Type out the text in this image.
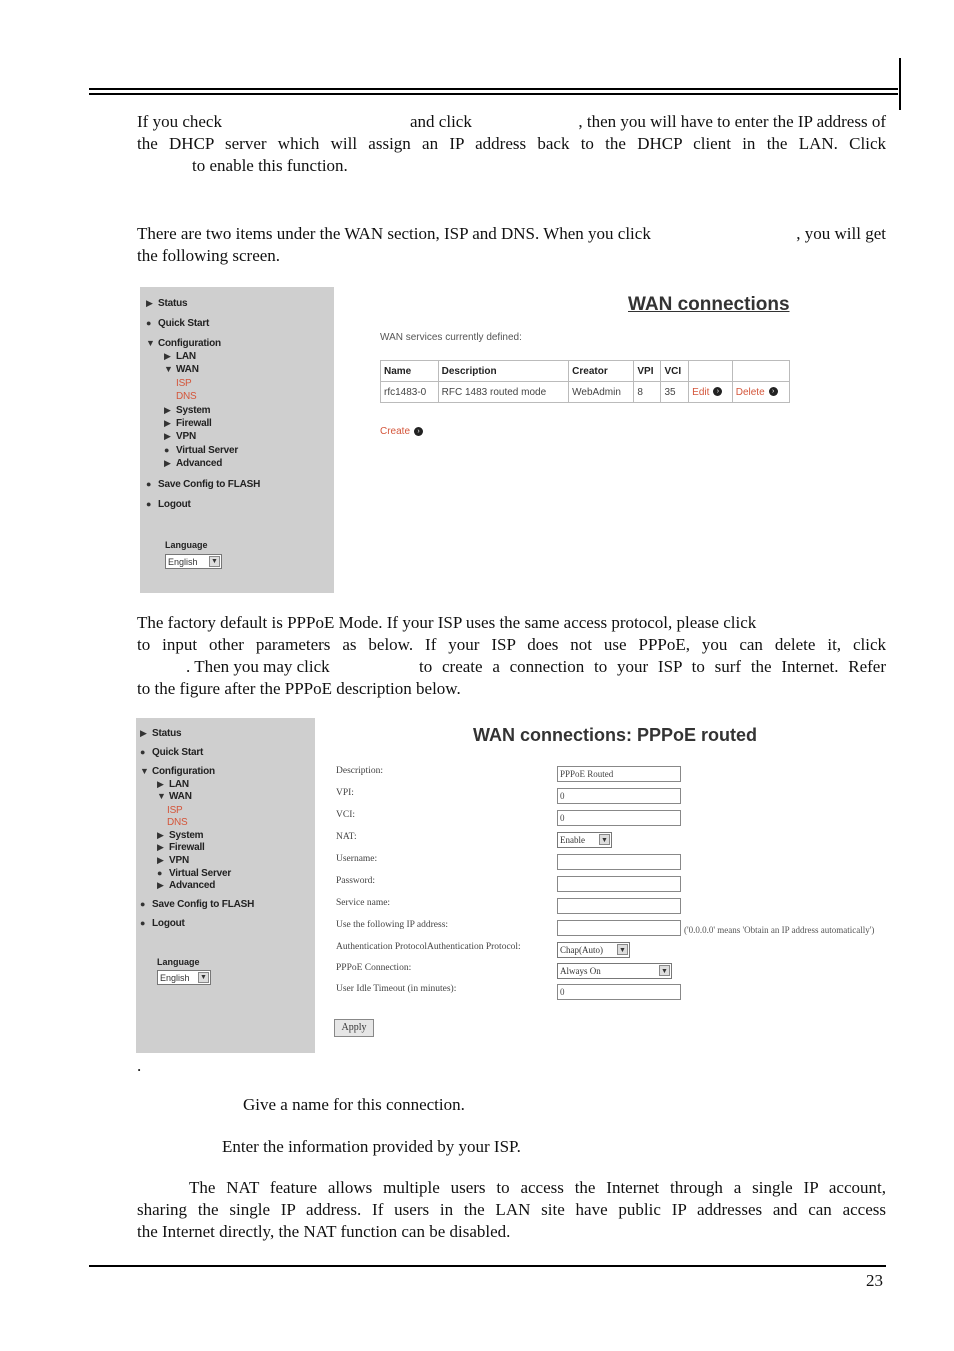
If you check	and click	, then you will have to enter the IP address of
the DHCP server which will assign an IP address back to the DHCP client in the LAN. Click
to enable this function.
There are two items under the WAN section, ISP and DNS. When you click	, you will get
the following screen.
▶ Status
● Quick Start
▼ Configuration
▶ LAN
▼ WAN
ISP
DNS
▶ System
▶ Firewall
▶ VPN
● Virtual Server
▶ Advanced
● Save Config to FLASH
● Logout
Language
English ▼
WAN connections
WAN services currently defined:
Name	Description	Creator	VPI	VCI		
rfc1483-0	RFC 1483 routed mode	WebAdmin	8	35	Edit ›	Delete ›
Create ›
The factory default is PPPoE Mode. If your ISP uses the same access protocol, please click
to input other parameters as below. If your ISP does not use PPPoE, you can delete it, click
. Then you may click	to create a connection to your ISP to surf the Internet. Refer
to the figure after the PPPoE description below.
▶ Status
● Quick Start
▼ Configuration
▶ LAN
▼ WAN
ISP
DNS
▶ System
▶ Firewall
▶ VPN
● Virtual Server
▶ Advanced
● Save Config to FLASH
● Logout
Language
English ▼
WAN connections: PPPoE routed
Description:	PPPoE Routed
VPI:	0
VCI:	0
NAT:	Enable ▼
Username:
Password:
Service name:
Use the following IP address:	('0.0.0.0' means 'Obtain an IP address automatically')
Authentication ProtocolAuthentication Protocol:	Chap(Auto) ▼
PPPoE Connection:	Always On	▼
User Idle Timeout (in minutes):	0
Apply
.
Give a name for this connection.
Enter the information provided by your ISP.
The NAT feature allows multiple users to access the Internet through a single IP account,
sharing the single IP address. If users in the LAN site have public IP addresses and can access
the Internet directly, the NAT function can be disabled.
23
